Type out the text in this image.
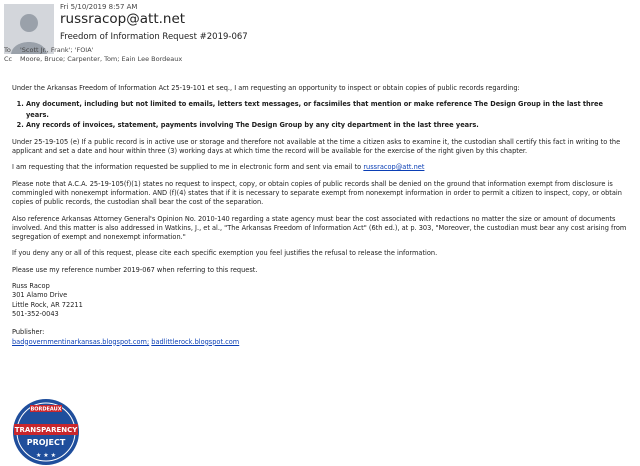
Fri 5/10/2019 8:57 AM
russracop@att.net
Freedom of Information Request #2019-067
To 'Scott Jr., Frank'; 'FOIA'
Cc Moore, Bruce; Carpenter, Tom; Eain Lee Bordeaux

Under the Arkansas Freedom of Information Act 25-19-101 et seq., I am requesting an opportunity to inspect or obtain copies of public records regarding:

1. Any document, including but not limited to emails, letters text messages, or facsimiles that mention or make reference The Design Group in the last three years.
2. Any records of invoices, statement, payments involving The Design Group by any city department in the last three years.

Under 25-19-105 (e) If a public record is in active use or storage and therefore not available at the time a citizen asks to examine it, the custodian shall certify this fact in writing to the applicant and set a date and hour within three (3) working days at which time the record will be available for the exercise of the right given by this chapter.

I am requesting that the information requested be supplied to me in electronic form and sent via email to russracop@att.net

Please note that A.C.A. 25-19-105(f)(1) states no request to inspect, copy, or obtain copies of public records shall be denied on the ground that information exempt from disclosure is commingled with nonexempt information. AND (f)(4) states that if it is necessary to separate exempt from nonexempt information in order to permit a citizen to inspect, copy, or obtain copies of public records, the custodian shall bear the cost of the separation.

Also reference Arkansas Attorney General's Opinion No. 2010-140 regarding a state agency must bear the cost associated with redactions no matter the size or amount of documents involved. And this matter is also addressed in Watkins, J., et al., "The Arkansas Freedom of Information Act" (6th ed.), at p. 303, "Moreover, the custodian must bear any cost arising from segregation of exempt and nonexempt information."

If you deny any or all of this request, please cite each specific exemption you feel justifies the refusal to release the information.

Please use my reference number 2019-067 when referring to this request.

Russ Racop
301 Alamo Drive
Little Rock, AR 72211
501-352-0043
Publisher:
badgovernmentinarkansas.blogspot.com; badlittlerock.blogspot.com
BORDEAUX
TRANSPARENCY
PROJECT
★ ★ ★
